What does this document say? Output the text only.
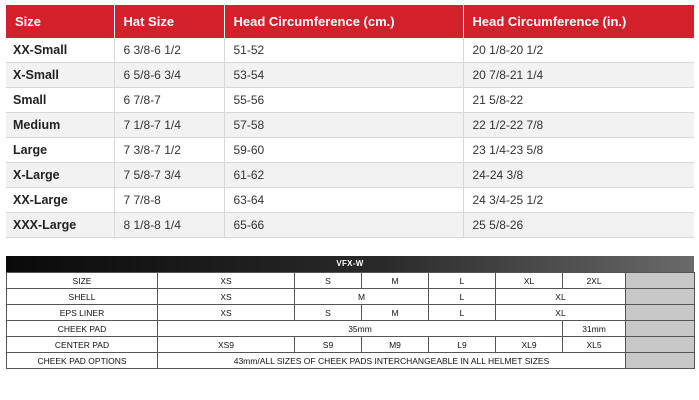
Size	Hat Size	Head Circumference (cm.)	Head Circumference (in.)
XX-Small	6 3/8-6 1/2	51-52	20 1/8-20 1/2
X-Small	6 5/8-6 3/4	53-54	20 7/8-21 1/4
Small	6 7/8-7	55-56	21 5/8-22
Medium	7 1/8-7 1/4	57-58	22 1/2-22 7/8
Large	7 3/8-7 1/2	59-60	23 1/4-23 5/8
X-Large	7 5/8-7 3/4	61-62	24-24 3/8
XX-Large	7 7/8-8	63-64	24 3/4-25 1/2
XXX-Large	8 1/8-8 1/4	65-66	25 5/8-26
VFX-W
SIZE	XS	S	M	L	XL	2XL	
SHELL	XS	M		L	XL		
EPS LINER	XS	S	M	L	XL		
CHEEK PAD	35mm					31mm	
CENTER PAD	XS9	S9	M9	L9	XL9	XL5	
CHEEK PAD OPTIONS	43mm/ALL SIZES OF CHEEK PADS INTERCHANGEABLE IN ALL HELMET SIZES						
